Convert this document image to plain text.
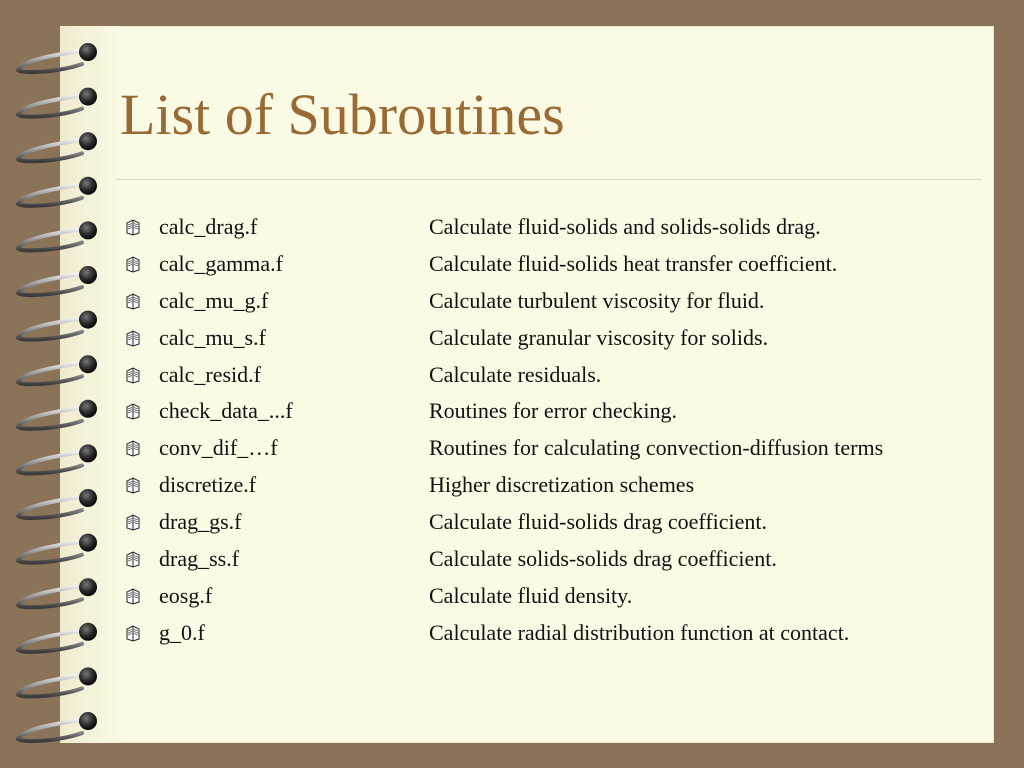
List of Subroutines
calc_drag.f	Calculate fluid-solids and solids-solids drag.
calc_gamma.f	Calculate fluid-solids heat transfer coefficient.
calc_mu_g.f	Calculate turbulent viscosity for fluid.
calc_mu_s.f	Calculate granular viscosity for solids.
calc_resid.f	Calculate residuals.
check_data_...f	Routines for error checking.
conv_dif_…f	Routines for calculating convection-diffusion terms
discretize.f	Higher discretization schemes
drag_gs.f	Calculate fluid-solids drag coefficient.
drag_ss.f	Calculate solids-solids drag coefficient.
eosg.f	Calculate fluid density.
g_0.f	Calculate radial distribution function at contact.
